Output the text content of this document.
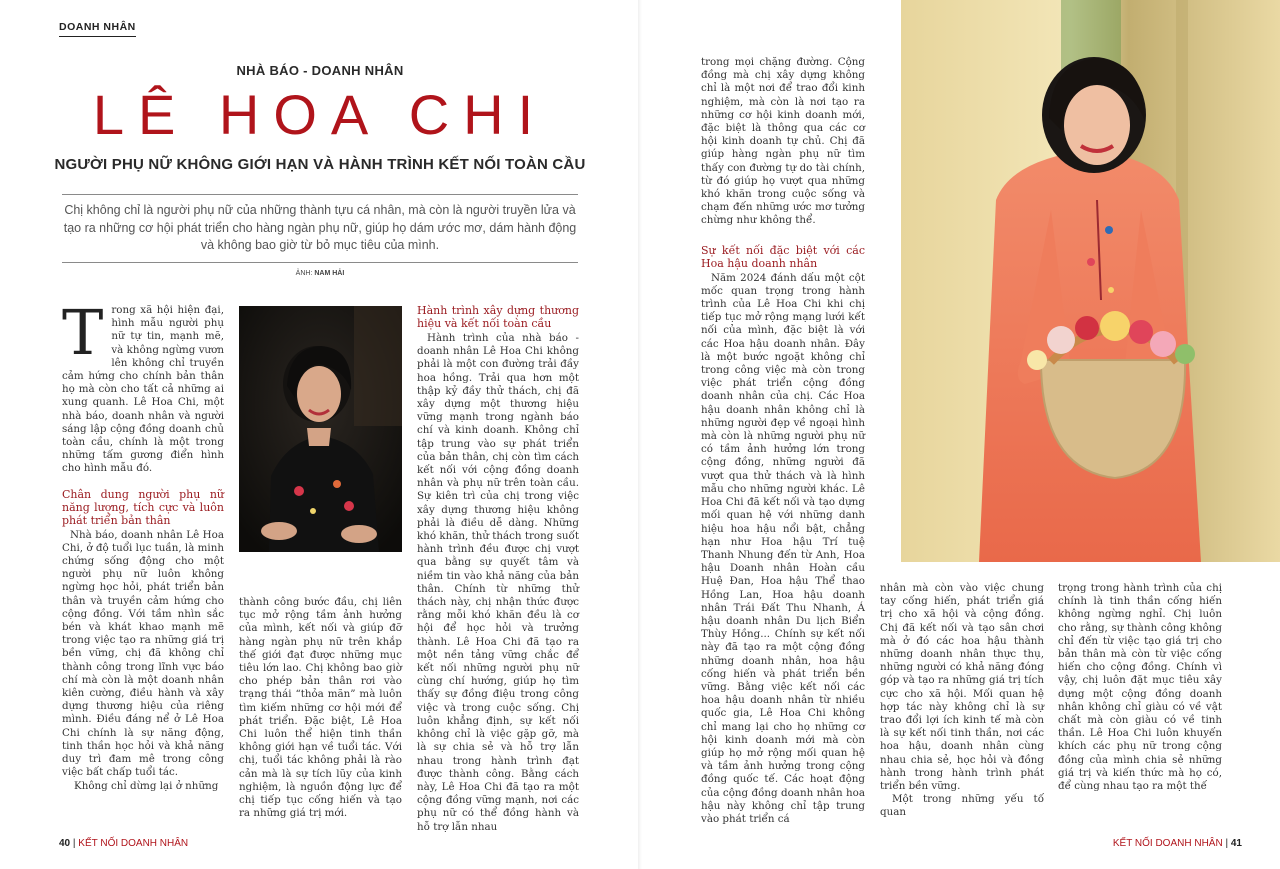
DOANH NHÂN
NHÀ BÁO - DOANH NHÂN
LÊ HOA CHI
NGƯỜI PHỤ NỮ KHÔNG GIỚI HẠN VÀ HÀNH TRÌNH KẾT NỐI TOÀN CẦU
Chị không chỉ là người phụ nữ của những thành tựu cá nhân, mà còn là người truyền lửa và tạo ra những cơ hội phát triển cho hàng ngàn phụ nữ, giúp họ dám ước mơ, dám hành động và không bao giờ từ bỏ mục tiêu của mình.
ẢNH: NAM HẢI

Trong xã hội hiện đại, hình mẫu người phụ nữ tự tin, mạnh mẽ, và không ngừng vươn lên không chỉ truyền cảm hứng cho chính bản thân họ mà còn cho tất cả những ai xung quanh. Lê Hoa Chi, một nhà báo, doanh nhân và người sáng lập cộng đồng doanh chủ toàn cầu, chính là một trong những tấm gương điển hình cho hình mẫu đó.

Chân dung người phụ nữ năng lượng, tích cực và luôn phát triển bản thân

Nhà báo, doanh nhân Lê Hoa Chi, ở độ tuổi lục tuần, là minh chứng sống động cho một người phụ nữ luôn không ngừng học hỏi, phát triển bản thân và truyền cảm hứng cho cộng đồng. Với tầm nhìn sắc bén và khát khao mạnh mẽ trong việc tạo ra những giá trị bền vững, chị đã không chỉ thành công trong lĩnh vực báo chí mà còn là một doanh nhân kiên cường, điều hành và xây dựng thương hiệu của riêng mình. Điều đáng nể ở Lê Hoa Chi chính là sự năng động, tinh thần học hỏi và khả năng duy trì đam mê trong công việc bất chấp tuổi tác.

Không chỉ dừng lại ở những

thành công bước đầu, chị liên tục mở rộng tầm ảnh hưởng của mình, kết nối và giúp đỡ hàng ngàn phụ nữ trên khắp thế giới đạt được những mục tiêu lớn lao. Chị không bao giờ cho phép bản thân rơi vào trạng thái “thỏa mãn” mà luôn tìm kiếm những cơ hội mới để phát triển. Đặc biệt, Lê Hoa Chi luôn thể hiện tinh thần không giới hạn về tuổi tác. Với chị, tuổi tác không phải là rào cản mà là sự tích lũy của kinh nghiệm, là nguồn động lực để chị tiếp tục cống hiến và tạo ra những giá trị mới.

Hành trình xây dựng thương hiệu và kết nối toàn cầu

Hành trình của nhà báo - doanh nhân Lê Hoa Chi không phải là một con đường trải đầy hoa hồng. Trải qua hơn một thập kỷ đầy thử thách, chị đã xây dựng một thương hiệu vững mạnh trong ngành báo chí và kinh doanh. Không chỉ tập trung vào sự phát triển của bản thân, chị còn tìm cách kết nối với cộng đồng doanh nhân và phụ nữ trên toàn cầu. Sự kiên trì của chị trong việc xây dựng thương hiệu không phải là điều dễ dàng. Những khó khăn, thử thách trong suốt hành trình đều được chị vượt qua bằng sự quyết tâm và niềm tin vào khả năng của bản thân. Chính từ những thử thách này, chị nhận thức được rằng mỗi khó khăn đều là cơ hội để học hỏi và trưởng thành. Lê Hoa Chi đã tạo ra một nền tảng vững chắc để kết nối những người phụ nữ cùng chí hướng, giúp họ tìm thấy sự đồng điệu trong công việc và trong cuộc sống. Chị luôn khẳng định, sự kết nối không chỉ là việc gặp gỡ, mà là sự chia sẻ và hỗ trợ lẫn nhau trong hành trình đạt được thành công. Bằng cách này, Lê Hoa Chi đã tạo ra một cộng đồng vững mạnh, nơi các phụ nữ có thể đồng hành và hỗ trợ lẫn nhau

40 | KẾT NỐI DOANH NHÂN

trong mọi chặng đường. Cộng đồng mà chị xây dựng không chỉ là một nơi để trao đổi kinh nghiệm, mà còn là nơi tạo ra những cơ hội kinh doanh mới, đặc biệt là thông qua các cơ hội kinh doanh tự chủ. Chị đã giúp hàng ngàn phụ nữ tìm thấy con đường tự do tài chính, từ đó giúp họ vượt qua những khó khăn trong cuộc sống và chạm đến những ước mơ tưởng chừng như không thể.

Sự kết nối đặc biệt với các Hoa hậu doanh nhân

Năm 2024 đánh dấu một cột mốc quan trọng trong hành trình của Lê Hoa Chi khi chị tiếp tục mở rộng mạng lưới kết nối của mình, đặc biệt là với các Hoa hậu doanh nhân. Đây là một bước ngoặt không chỉ trong công việc mà còn trong việc phát triển cộng đồng doanh nhân của chị. Các Hoa hậu doanh nhân không chỉ là những người đẹp về ngoại hình mà còn là những người phụ nữ có tầm ảnh hưởng lớn trong cộng đồng, những người đã vượt qua thử thách và là hình mẫu cho những người khác. Lê Hoa Chi đã kết nối và tạo dựng mối quan hệ với những danh hiệu hoa hậu nổi bật, chẳng hạn như Hoa hậu Trí tuệ Thanh Nhung đến từ Anh, Hoa hậu Doanh nhân Hoàn cầu Huệ Đan, Hoa hậu Thể thao Hồng Lan, Hoa hậu doanh nhân Trái Đất Thu Nhanh, Á hậu doanh nhân Du lịch Biển Thùy Hồng... Chính sự kết nối này đã tạo ra một cộng đồng những doanh nhân, hoa hậu cống hiến và phát triển bền vững. Bằng việc kết nối các hoa hậu doanh nhân từ nhiều quốc gia, Lê Hoa Chi không chỉ mang lại cho họ những cơ hội kinh doanh mới mà còn giúp họ mở rộng mối quan hệ và tầm ảnh hưởng trong cộng đồng quốc tế. Các hoạt động của cộng đồng doanh nhân hoa hậu này không chỉ tập trung vào phát triển cá

nhân mà còn vào việc chung tay cống hiến, phát triển giá trị cho xã hội và cộng đồng. Chị đã kết nối và tạo sân chơi mà ở đó các hoa hậu thành những doanh nhân thực thụ, những người có khả năng đóng góp và tạo ra những giá trị tích cực cho xã hội. Mối quan hệ hợp tác này không chỉ là sự trao đổi lợi ích kinh tế mà còn là sự kết nối tinh thần, nơi các hoa hậu, doanh nhân cùng nhau chia sẻ, học hỏi và đồng hành trong hành trình phát triển bền vững.

Một trong những yếu tố quan

trọng trong hành trình của chị chính là tinh thần cống hiến không ngừng nghỉ. Chị luôn cho rằng, sự thành công không chỉ đến từ việc tạo giá trị cho bản thân mà còn từ việc cống hiến cho cộng đồng. Chính vì vậy, chị luôn đặt mục tiêu xây dựng một cộng đồng doanh nhân không chỉ giàu có về vật chất mà còn giàu có về tinh thần. Lê Hoa Chi luôn khuyến khích các phụ nữ trong cộng đồng của mình chia sẻ những giá trị và kiến thức mà họ có, để cùng nhau tạo ra một thế

KẾT NỐI DOANH NHÂN | 41
